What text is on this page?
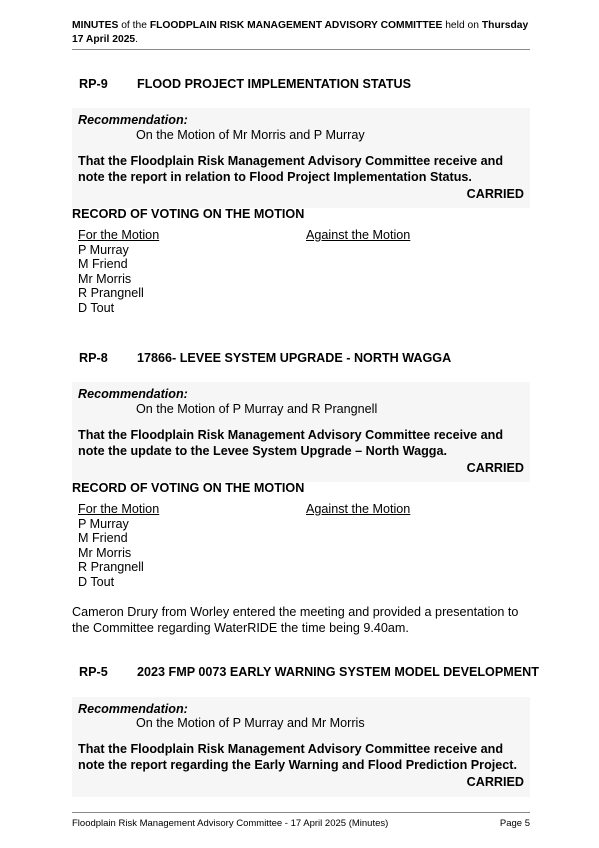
MINUTES of the FLOODPLAIN RISK MANAGEMENT ADVISORY COMMITTEE held on Thursday
17 April 2025.
RP-9 FLOOD PROJECT IMPLEMENTATION STATUS
Recommendation:
On the Motion of Mr Morris and P Murray
That the Floodplain Risk Management Advisory Committee receive and note the report in relation to Flood Project Implementation Status.
CARRIED
RECORD OF VOTING ON THE MOTION
For the Motion
P Murray
M Friend
Mr Morris
R Prangnell
D Tout
Against the Motion
RP-8 17866- LEVEE SYSTEM UPGRADE - NORTH WAGGA
Recommendation:
On the Motion of P Murray and R Prangnell
That the Floodplain Risk Management Advisory Committee receive and note the update to the Levee System Upgrade – North Wagga.
CARRIED
RECORD OF VOTING ON THE MOTION
For the Motion
P Murray
M Friend
Mr Morris
R Prangnell
D Tout
Against the Motion
Cameron Drury from Worley entered the meeting and provided a presentation to the Committee regarding WaterRIDE the time being 9.40am.
RP-5 2023 FMP 0073 EARLY WARNING SYSTEM MODEL DEVELOPMENT
Recommendation:
On the Motion of P Murray and Mr Morris
That the Floodplain Risk Management Advisory Committee receive and note the report regarding the Early Warning and Flood Prediction Project.
CARRIED
Floodplain Risk Management Advisory Committee - 17 April 2025 (Minutes)	Page 5
